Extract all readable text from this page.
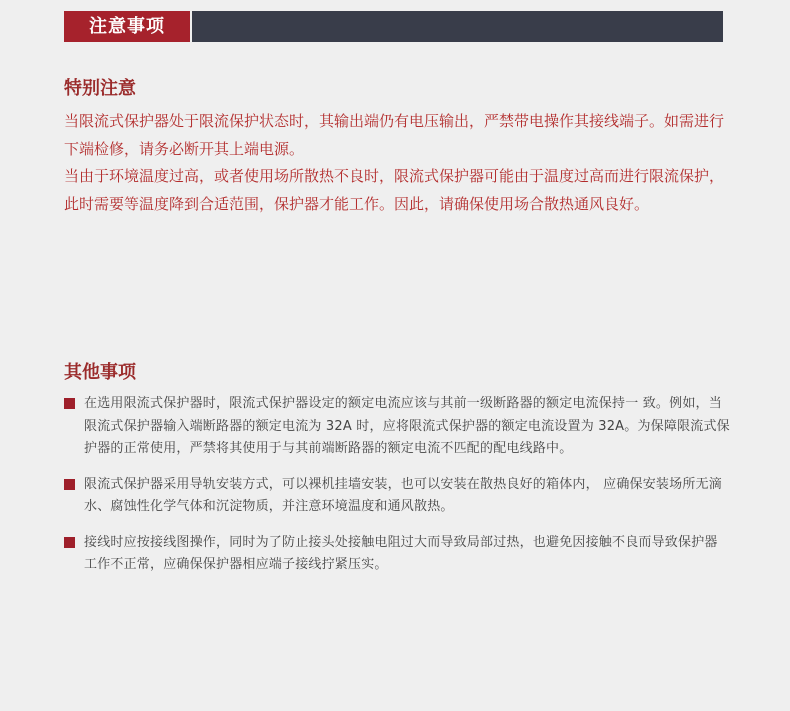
注意事项
特别注意

当限流式保护器处于限流保护状态时，其输出端仍有电压输出，严禁带电操作其接线端子。如需进行下端检修，请务必断开其上端电源。

当由于环境温度过高，或者使用场所散热不良时，限流式保护器可能由于温度过高而进行限流保护，此时需要等温度降到合适范围，保护器才能工作。因此，请确保使用场合散热通风良好。

其他事项
在选用限流式保护器时，限流式保护器设定的额定电流应该与其前一级断路器的额定电流保持一 致。例如，当限流式保护器输入端断路器的额定电流为 32A 时，应将限流式保护器的额定电流设置为 32A。为保障限流式保护器的正常使用，严禁将其使用于与其前端断路器的额定电流不匹配的配电线路中。
限流式保护器采用导轨安装方式，可以裸机挂墙安装，也可以安装在散热良好的箱体内， 应确保安装场所无滴水、腐蚀性化学气体和沉淀物质，并注意环境温度和通风散热。
接线时应按接线图操作，同时为了防止接头处接触电阻过大而导致局部过热，也避免因接触不良而导致保护器工作不正常，应确保保护器相应端子接线拧紧压实。
